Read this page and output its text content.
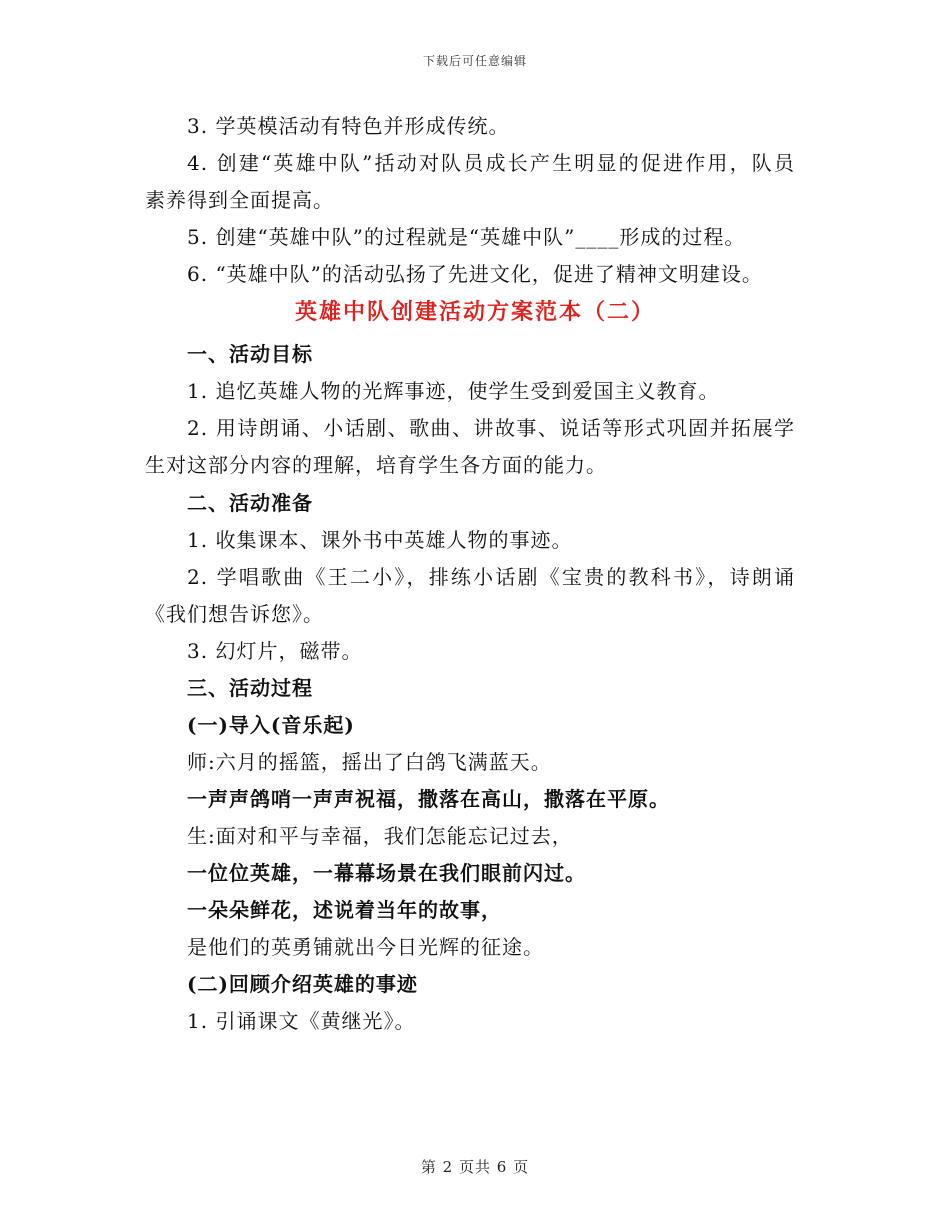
下载后可任意编辑
3. 学英模活动有特色并形成传统。
4. 创建“英雄中队”括动对队员成长产生明显的促进作用，队员
素养得到全面提高。
5. 创建“英雄中队”的过程就是“英雄中队”____形成的过程。
6. “英雄中队”的活动弘扬了先进文化，促进了精神文明建设。
英雄中队创建活动方案范本（二）
一、活动目标
1. 追忆英雄人物的光辉事迹，使学生受到爱国主义教育。
2. 用诗朗诵、小话剧、歌曲、讲故事、说话等形式巩固并拓展学
生对这部分内容的理解，培育学生各方面的能力。
二、活动准备
1. 收集课本、课外书中英雄人物的事迹。
2. 学唱歌曲《王二小》，排练小话剧《宝贵的教科书》，诗朗诵
《我们想告诉您》。
3. 幻灯片，磁带。
三、活动过程
(一)导入(音乐起)
师:六月的摇篮，摇出了白鸽飞满蓝天。
一声声鸽哨一声声祝福，撒落在高山，撒落在平原。
生:面对和平与幸福，我们怎能忘记过去，
一位位英雄，一幕幕场景在我们眼前闪过。
一朵朵鲜花，述说着当年的故事，
是他们的英勇铺就出今日光辉的征途。
(二)回顾介绍英雄的事迹
1. 引诵课文《黄继光》。
第 2 页共 6 页
